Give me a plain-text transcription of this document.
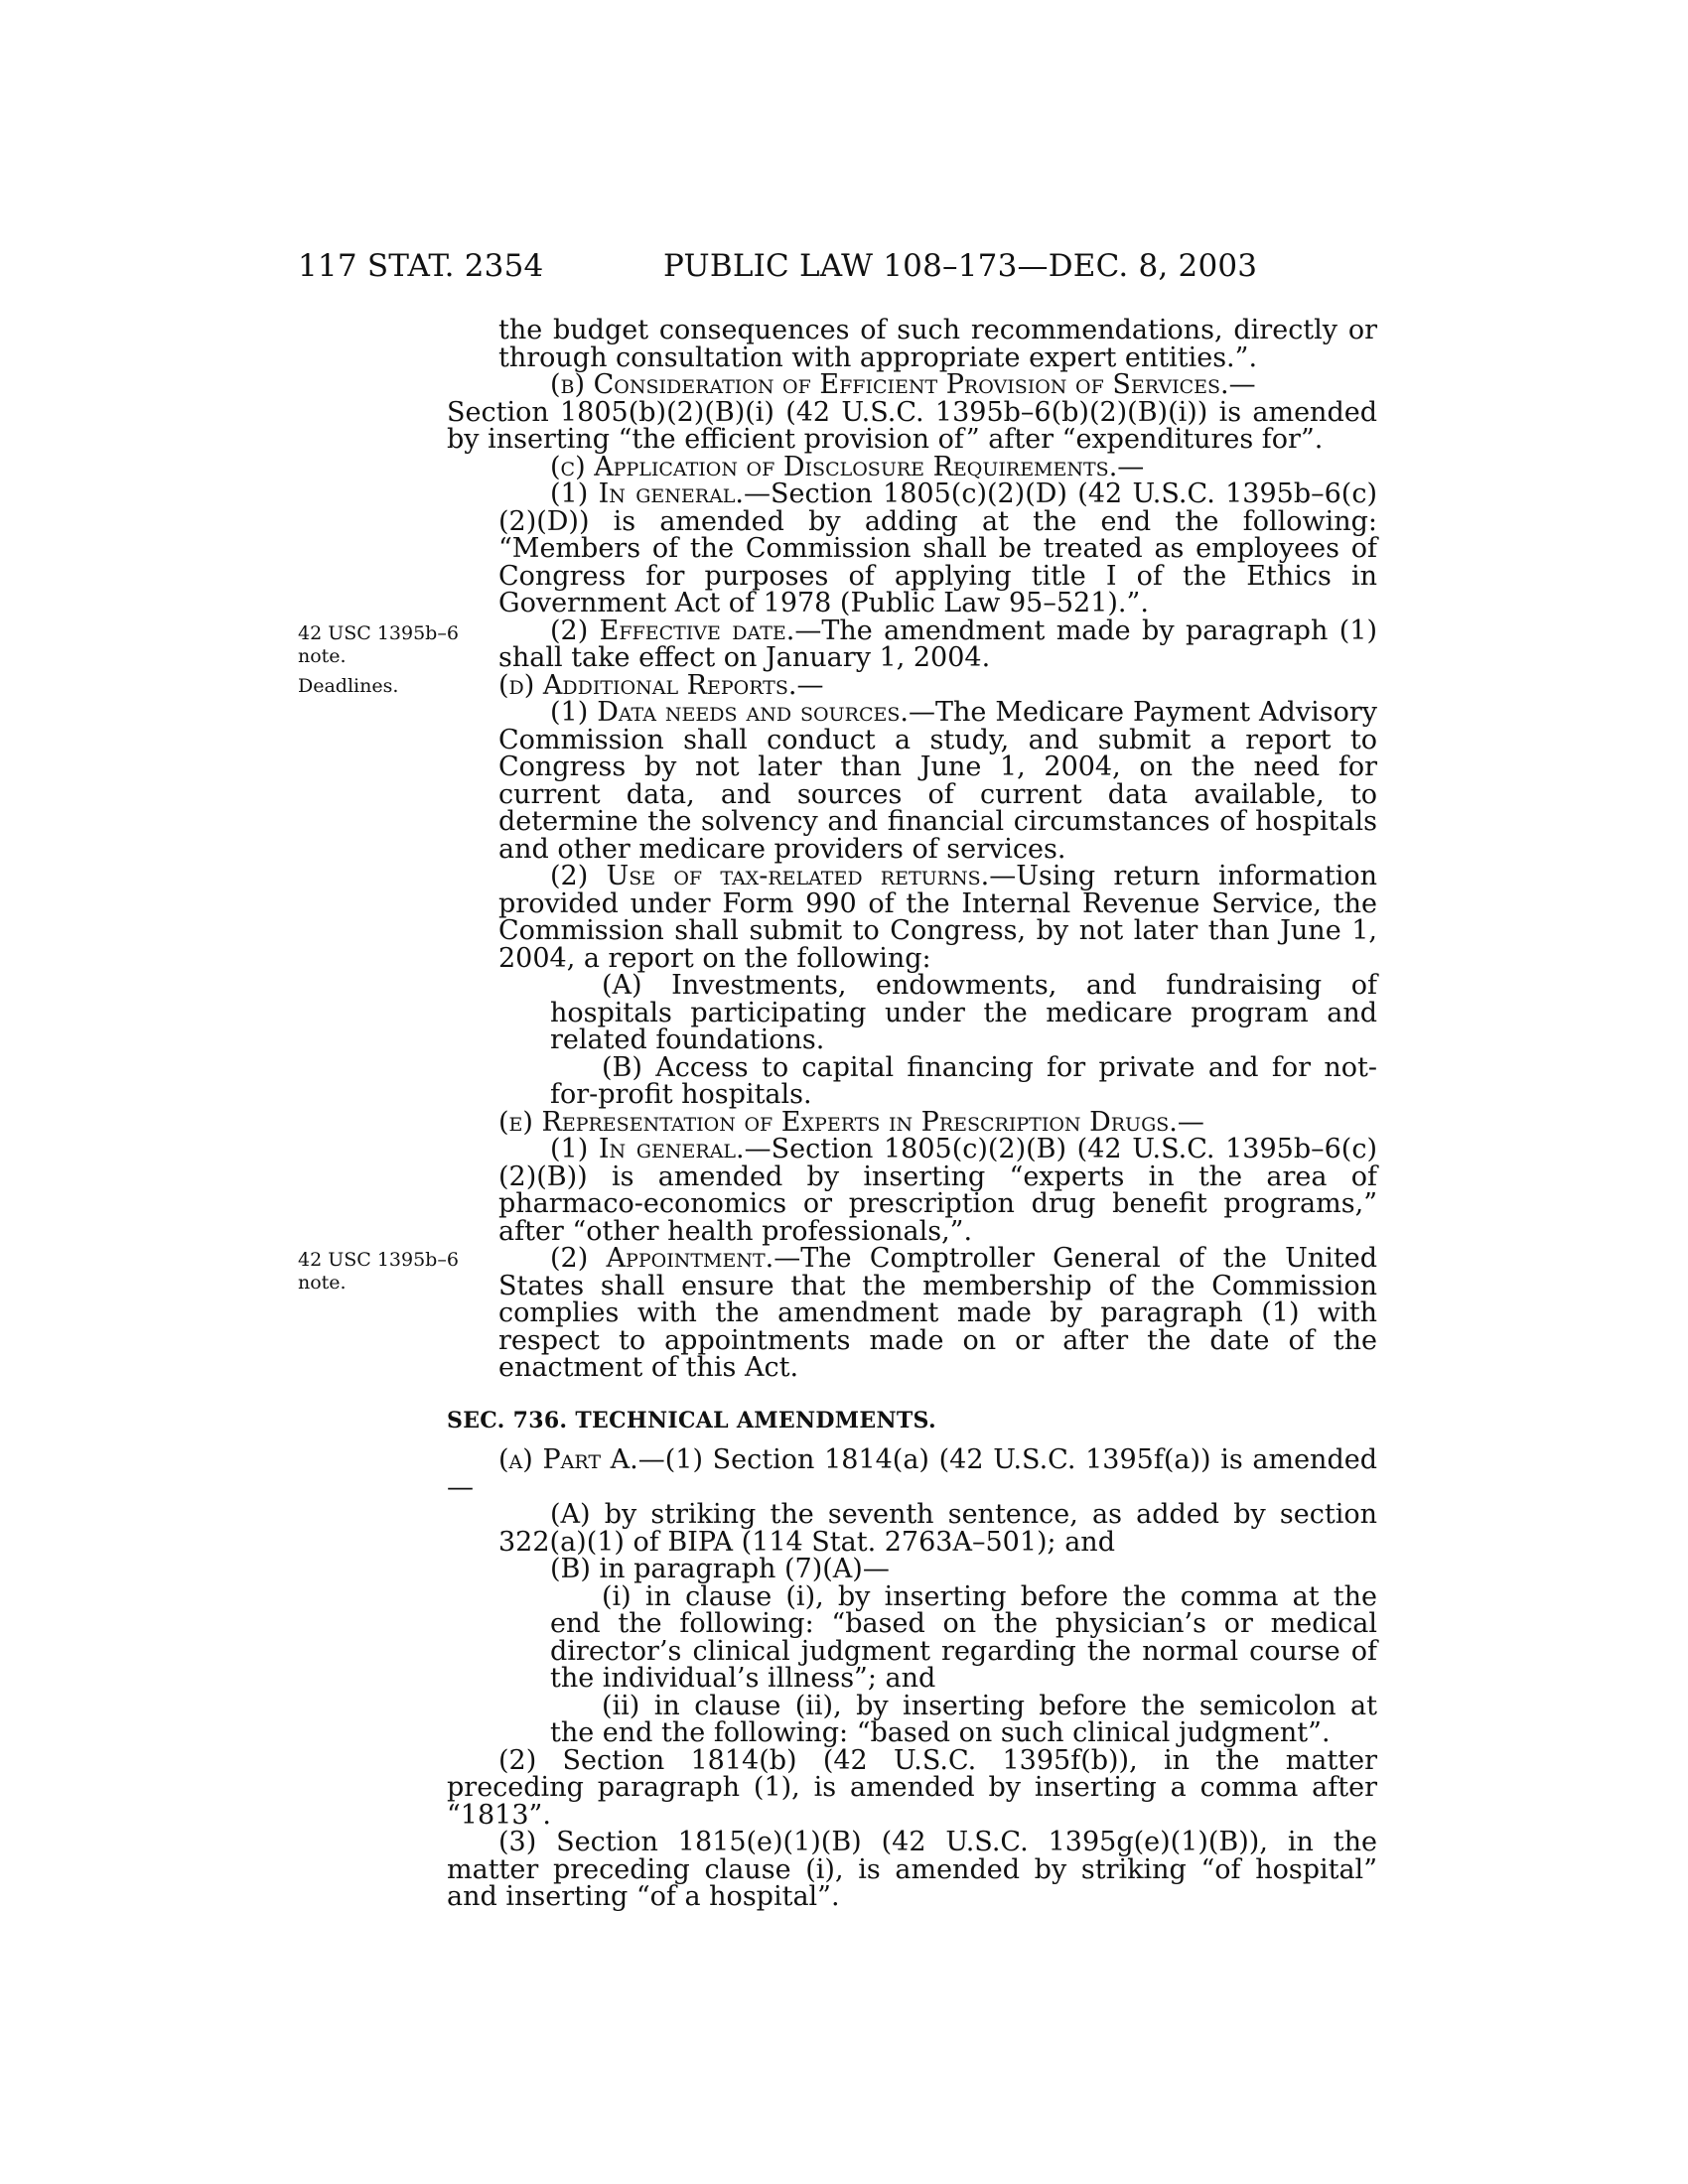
117 STAT. 2354	PUBLIC LAW 108–173—DEC. 8, 2003
42 USC 1395b–6
note.
Deadlines.
42 USC 1395b–6
note.

the budget consequences of such recommendations, directly or through consultation with appropriate expert entities.”.

(b) Consideration of Efficient Provision of Services.—

Section 1805(b)(2)(B)(i) (42 U.S.C. 1395b–6(b)(2)(B)(i)) is amended by inserting “the efficient provision of” after “expenditures for”.

(c) Application of Disclosure Requirements.—

(1) In general.—Section 1805(c)(2)(D) (42 U.S.C. 1395b–6(c)(2)(D)) is amended by adding at the end the following: “Members of the Commission shall be treated as employees of Congress for purposes of applying title I of the Ethics in Government Act of 1978 (Public Law 95–521).”.

(2) Effective date.—The amendment made by paragraph (1) shall take effect on January 1, 2004.

(d) Additional Reports.—

(1) Data needs and sources.—The Medicare Payment Advisory Commission shall conduct a study, and submit a report to Congress by not later than June 1, 2004, on the need for current data, and sources of current data available, to determine the solvency and financial circumstances of hospitals and other medicare providers of services.

(2) Use of tax-related returns.—Using return information provided under Form 990 of the Internal Revenue Service, the Commission shall submit to Congress, by not later than June 1, 2004, a report on the following:

(A) Investments, endowments, and fundraising of hospitals participating under the medicare program and related foundations.

(B) Access to capital financing for private and for not-for-profit hospitals.

(e) Representation of Experts in Prescription Drugs.—

(1) In general.—Section 1805(c)(2)(B) (42 U.S.C. 1395b–6(c)(2)(B)) is amended by inserting “experts in the area of pharmaco-economics or prescription drug benefit programs,” after “other health professionals,”.

(2) Appointment.—The Comptroller General of the United States shall ensure that the membership of the Commission complies with the amendment made by paragraph (1) with respect to appointments made on or after the date of the enactment of this Act.

SEC. 736. TECHNICAL AMENDMENTS.

(a) Part A.—(1) Section 1814(a) (42 U.S.C. 1395f(a)) is amended—

(A) by striking the seventh sentence, as added by section 322(a)(1) of BIPA (114 Stat. 2763A–501); and

(B) in paragraph (7)(A)—

(i) in clause (i), by inserting before the comma at the end the following: “based on the physician’s or medical director’s clinical judgment regarding the normal course of the individual’s illness”; and

(ii) in clause (ii), by inserting before the semicolon at the end the following: “based on such clinical judgment”.

(2) Section 1814(b) (42 U.S.C. 1395f(b)), in the matter preceding paragraph (1), is amended by inserting a comma after “1813”.

(3) Section 1815(e)(1)(B) (42 U.S.C. 1395g(e)(1)(B)), in the matter preceding clause (i), is amended by striking “of hospital” and inserting “of a hospital”.
